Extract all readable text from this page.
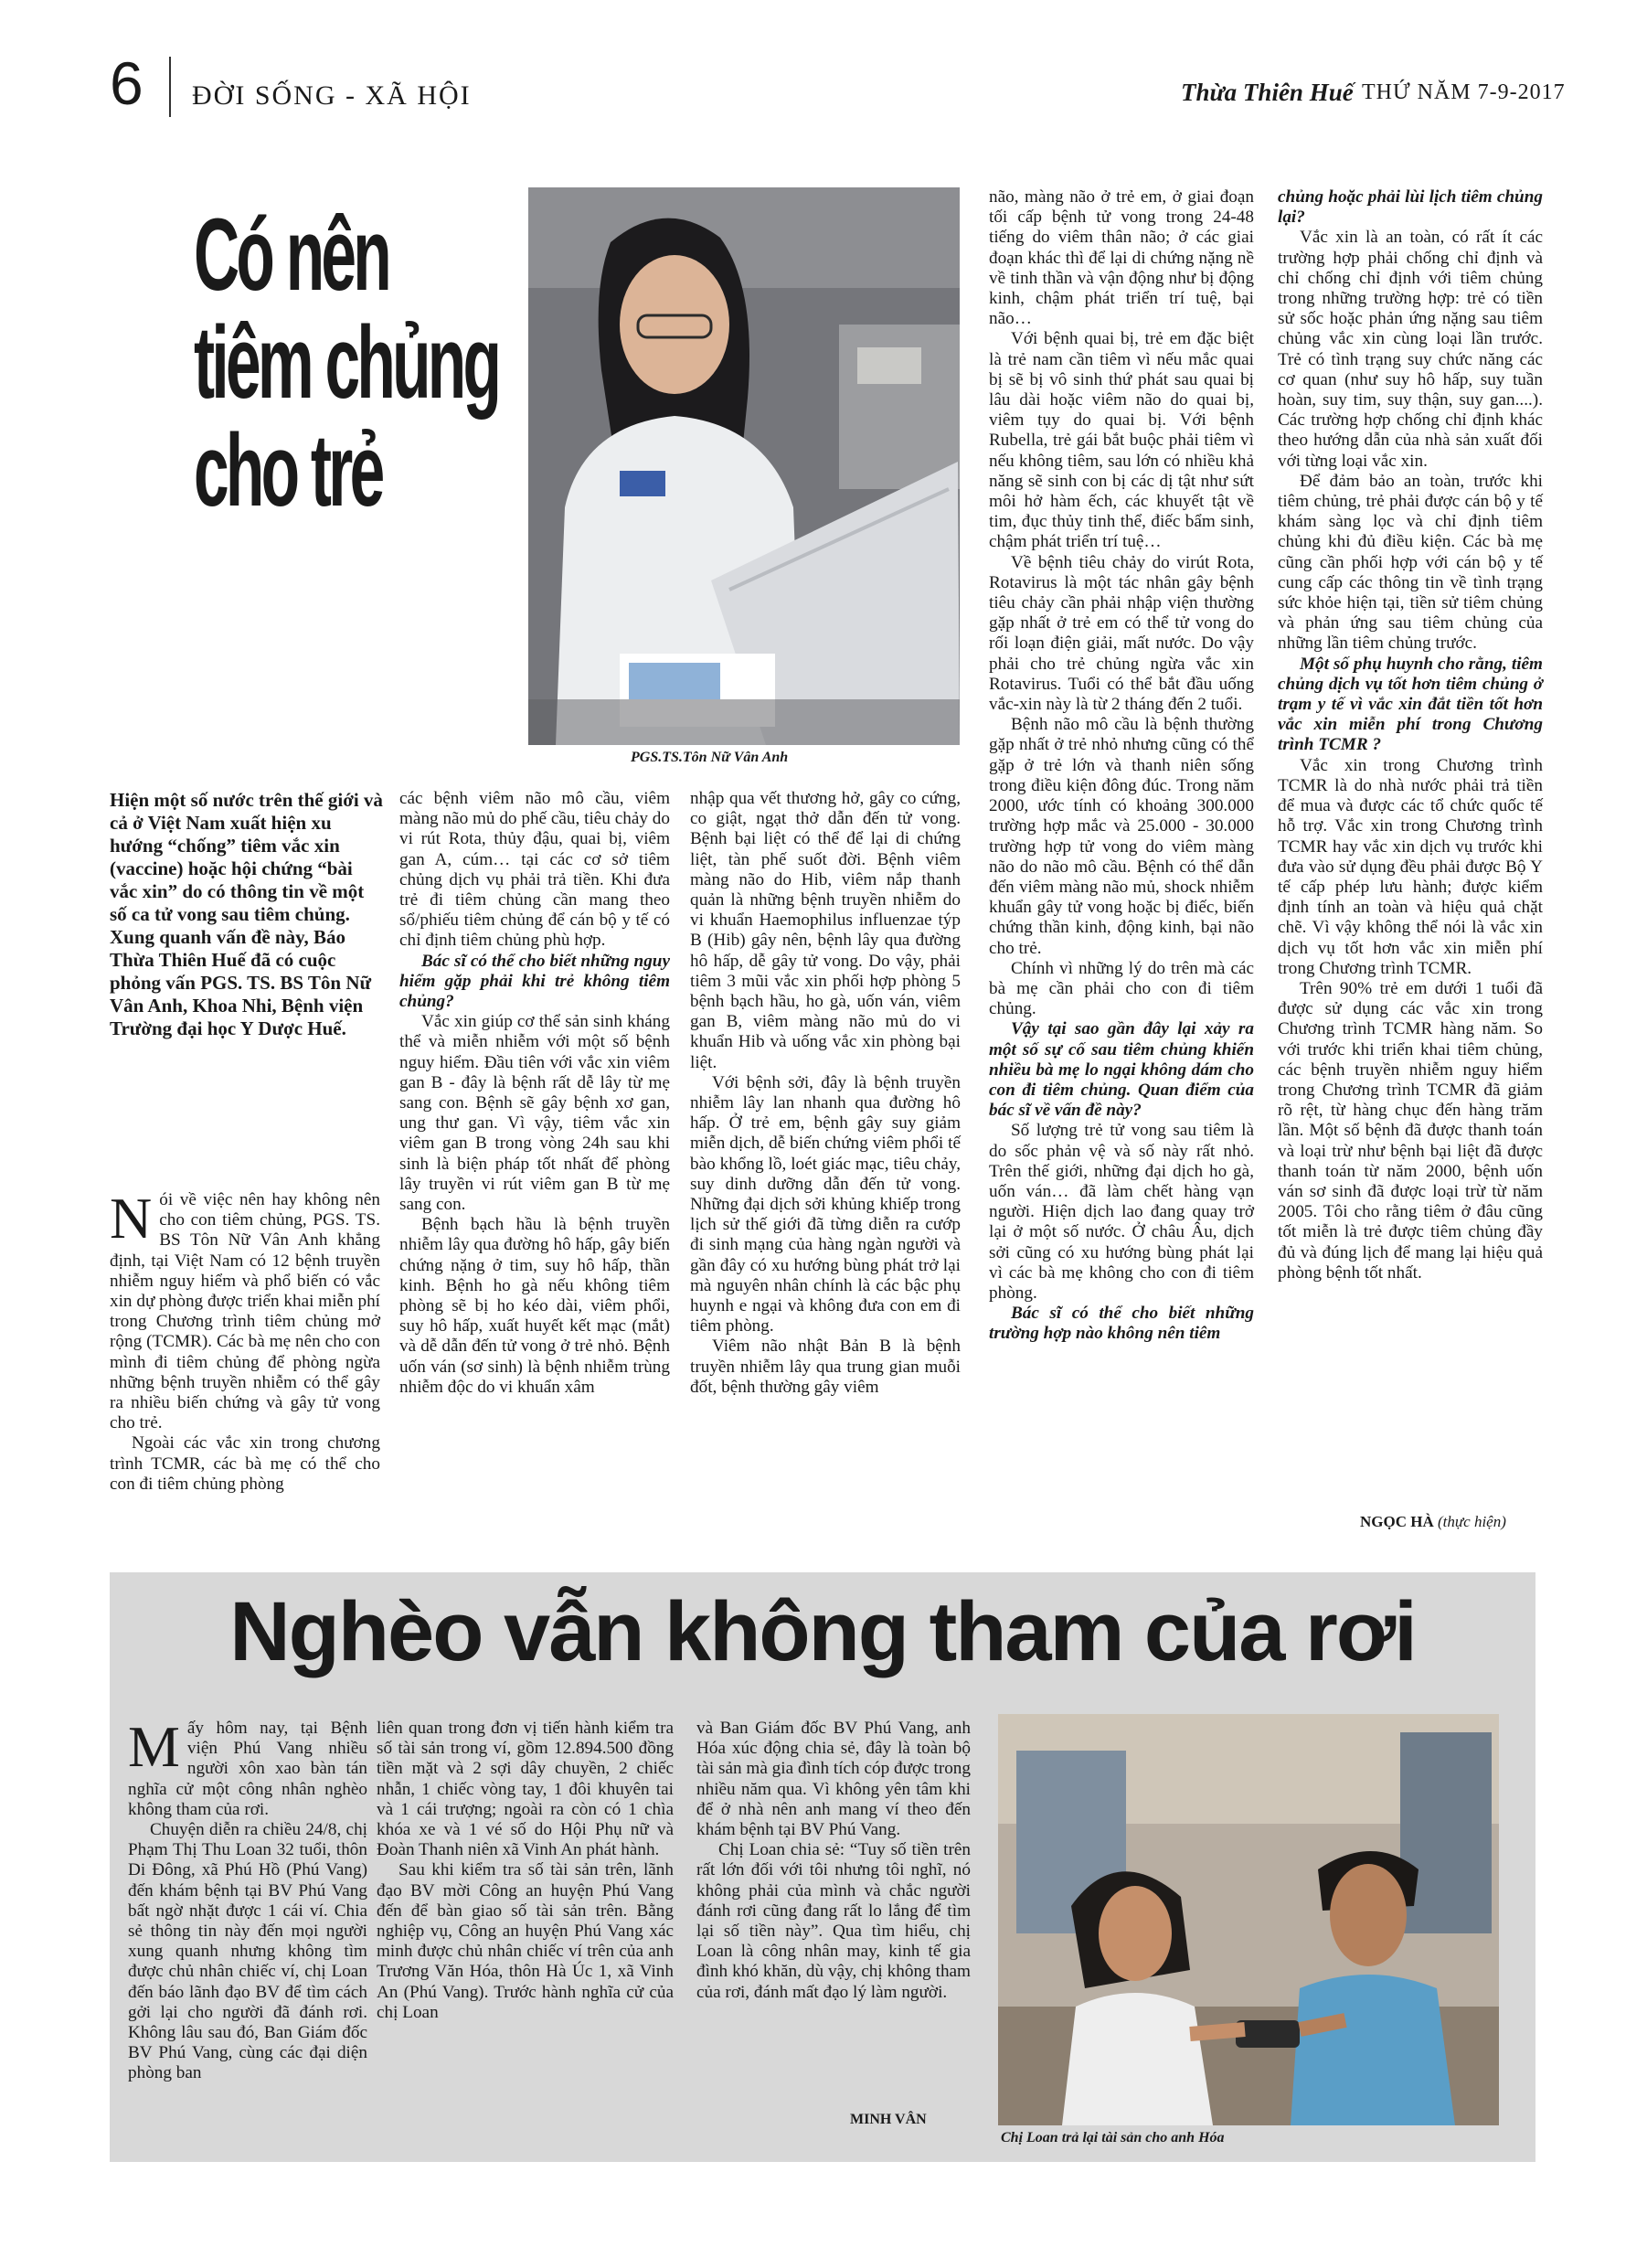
6 ĐỜI SỐNG - XÃ HỘI	Thừa Thiên Huế THỨ NĂM 7-9-2017
Có nên
tiêm chủng
cho trẻ
PGS.TS.Tôn Nữ Vân Anh
Hiện một số nước trên thế giới và cả ở Việt Nam xuất hiện xu hướng “chống” tiêm vắc xin (vaccine) hoặc hội chứng “bài vắc xin” do có thông tin về một số ca tử vong sau tiêm chủng. Xung quanh vấn đề này, Báo Thừa Thiên Huế đã có cuộc phỏng vấn PGS. TS. BS Tôn Nữ Vân Anh, Khoa Nhi, Bệnh viện Trường đại học Y Dược Huế.
N ói về việc nên hay không nên cho con tiêm chủng, PGS. TS. BS Tôn Nữ Vân Anh khẳng định, tại Việt Nam có 12 bệnh truyền nhiễm nguy hiểm và phổ biến có vắc xin dự phòng được triển khai miễn phí trong Chương trình tiêm chủng mở rộng (TCMR). Các bà mẹ nên cho con mình đi tiêm chủng để phòng ngừa những bệnh truyền nhiễm có thể gây ra nhiều biến chứng và gây tử vong cho trẻ.

Ngoài các vắc xin trong chương trình TCMR, các bà mẹ có thể cho con đi tiêm chủng phòng

các bệnh viêm não mô cầu, viêm màng não mủ do phế cầu, tiêu chảy do vi rút Rota, thủy đậu, quai bị, viêm gan A, cúm… tại các cơ sở tiêm chủng dịch vụ phải trả tiền. Khi đưa trẻ đi tiêm chủng cần mang theo sổ/phiếu tiêm chủng để cán bộ y tế có chỉ định tiêm chủng phù hợp.

Bác sĩ có thể cho biết những nguy hiểm gặp phải khi trẻ không tiêm chủng?

Vắc xin giúp cơ thể sản sinh kháng thể và miễn nhiễm với một số bệnh nguy hiểm. Đầu tiên với vắc xin viêm gan B - đây là bệnh rất dễ lây từ mẹ sang con. Bệnh sẽ gây bệnh xơ gan, ung thư gan. Vì vậy, tiêm vắc xin viêm gan B trong vòng 24h sau khi sinh là biện pháp tốt nhất để phòng lây truyền vi rút viêm gan B từ mẹ sang con.

Bệnh bạch hầu là bệnh truyền nhiễm lây qua đường hô hấp, gây biến chứng nặng ở tim, suy hô hấp, thần kinh. Bệnh ho gà nếu không tiêm phòng sẽ bị ho kéo dài, viêm phổi, suy hô hấp, xuất huyết kết mạc (mắt) và dễ dẫn đến tử vong ở trẻ nhỏ. Bệnh uốn ván (sơ sinh) là bệnh nhiễm trùng nhiễm độc do vi khuẩn xâm

nhập qua vết thương hở, gây co cứng, co giật, ngạt thở dẫn đến tử vong. Bệnh bại liệt có thể để lại di chứng liệt, tàn phế suốt đời. Bệnh viêm màng não do Hib, viêm nắp thanh quản là những bệnh truyền nhiễm do vi khuẩn Haemophilus influenzae týp B (Hib) gây nên, bệnh lây qua đường hô hấp, dễ gây tử vong. Do vậy, phải tiêm 3 mũi vắc xin phối hợp phòng 5 bệnh bạch hầu, ho gà, uốn ván, viêm gan B, viêm màng não mủ do vi khuẩn Hib và uống vắc xin phòng bại liệt.

Với bệnh sởi, đây là bệnh truyền nhiễm lây lan nhanh qua đường hô hấp. Ở trẻ em, bệnh gây suy giảm miễn dịch, dễ biến chứng viêm phổi tế bào khổng lồ, loét giác mạc, tiêu chảy, suy dinh dưỡng dẫn đến tử vong. Những đại dịch sởi khủng khiếp trong lịch sử thế giới đã từng diễn ra cướp đi sinh mạng của hàng ngàn người và gần đây có xu hướng bùng phát trở lại mà nguyên nhân chính là các bậc phụ huynh e ngại và không đưa con em đi tiêm phòng.

Viêm não nhật Bản B là bệnh truyền nhiễm lây qua trung gian muỗi đốt, bệnh thường gây viêm

não, màng não ở trẻ em, ở giai đoạn tối cấp bệnh tử vong trong 24-48 tiếng do viêm thân não; ở các giai đoạn khác thì để lại di chứng nặng nề về tinh thần và vận động như bị động kinh, chậm phát triển trí tuệ, bại não…

Với bệnh quai bị, trẻ em đặc biệt là trẻ nam cần tiêm vì nếu mắc quai bị sẽ bị vô sinh thứ phát sau quai bị lâu dài hoặc viêm não do quai bị, viêm tụy do quai bị. Với bệnh Rubella, trẻ gái bắt buộc phải tiêm vì nếu không tiêm, sau lớn có nhiều khả năng sẽ sinh con bị các dị tật như sứt môi hở hàm ếch, các khuyết tật về tim, đục thủy tinh thể, điếc bẩm sinh, chậm phát triển trí tuệ…

Về bệnh tiêu chảy do virút Rota, Rotavirus là một tác nhân gây bệnh tiêu chảy cần phải nhập viện thường gặp nhất ở trẻ em có thể tử vong do rối loạn điện giải, mất nước. Do vậy phải cho trẻ chủng ngừa vắc xin Rotavirus. Tuổi có thể bắt đầu uống vắc-xin này là từ 2 tháng đến 2 tuổi.

Bệnh não mô cầu là bệnh thường gặp nhất ở trẻ nhỏ nhưng cũng có thể gặp ở trẻ lớn và thanh niên sống trong điều kiện đông đúc. Trong năm 2000, ước tính có khoảng 300.000 trường hợp mắc và 25.000 - 30.000 trường hợp tử vong do viêm màng não do não mô cầu. Bệnh có thể dẫn đến viêm màng não mủ, shock nhiễm khuẩn gây tử vong hoặc bị điếc, biến chứng thần kinh, động kinh, bại não cho trẻ.

Chính vì những lý do trên mà các bà mẹ cần phải cho con đi tiêm chủng.

Vậy tại sao gần đây lại xảy ra một số sự cố sau tiêm chủng khiến nhiều bà mẹ lo ngại không dám cho con đi tiêm chủng. Quan điểm của bác sĩ về vấn đề này?

Số lượng trẻ tử vong sau tiêm là do sốc phản vệ và số này rất nhỏ. Trên thế giới, những đại dịch ho gà, uốn ván… đã làm chết hàng vạn người. Hiện dịch lao đang quay trở lại ở một số nước. Ở châu Âu, dịch sởi cũng có xu hướng bùng phát lại vì các bà mẹ không cho con đi tiêm phòng.

Bác sĩ có thể cho biết những trường hợp nào không nên tiêm

chủng hoặc phải lùi lịch tiêm chủng lại?

Vắc xin là an toàn, có rất ít các trường hợp phải chống chỉ định và chỉ chống chỉ định với tiêm chủng trong những trường hợp: trẻ có tiền sử sốc hoặc phản ứng nặng sau tiêm chủng vắc xin cùng loại lần trước. Trẻ có tình trạng suy chức năng các cơ quan (như suy hô hấp, suy tuần hoàn, suy tim, suy thận, suy gan....). Các trường hợp chống chỉ định khác theo hướng dẫn của nhà sản xuất đối với từng loại vắc xin.

Để đảm bảo an toàn, trước khi tiêm chủng, trẻ phải được cán bộ y tế khám sàng lọc và chỉ định tiêm chủng khi đủ điều kiện. Các bà mẹ cũng cần phối hợp với cán bộ y tế cung cấp các thông tin về tình trạng sức khỏe hiện tại, tiền sử tiêm chủng và phản ứng sau tiêm chủng của những lần tiêm chủng trước.

Một số phụ huynh cho rằng, tiêm chủng dịch vụ tốt hơn tiêm chủng ở trạm y tế vì vắc xin đắt tiền tốt hơn vắc xin miễn phí trong Chương trình TCMR ?

Vắc xin trong Chương trình TCMR là do nhà nước phải trả tiền để mua và được các tổ chức quốc tế hỗ trợ. Vắc xin trong Chương trình TCMR hay vắc xin dịch vụ trước khi đưa vào sử dụng đều phải được Bộ Y tế cấp phép lưu hành; được kiểm định tính an toàn và hiệu quả chặt chẽ. Vì vậy không thể nói là vắc xin dịch vụ tốt hơn vắc xin miễn phí trong Chương trình TCMR.

Trên 90% trẻ em dưới 1 tuổi đã được sử dụng các vắc xin trong Chương trình TCMR hàng năm. So với trước khi triển khai tiêm chủng, các bệnh truyền nhiễm nguy hiểm trong Chương trình TCMR đã giảm rõ rệt, từ hàng chục đến hàng trăm lần. Một số bệnh đã được thanh toán và loại trừ như bệnh bại liệt đã được thanh toán từ năm 2000, bệnh uốn ván sơ sinh đã được loại trừ từ năm 2005. Tôi cho rằng tiêm ở đâu cũng tốt miễn là trẻ được tiêm chủng đầy đủ và đúng lịch để mang lại hiệu quả phòng bệnh tốt nhất.

NGỌC HÀ (thực hiện)
Nghèo vẫn không tham của rơi
M ấy hôm nay, tại Bệnh viện Phú Vang nhiều người xôn xao bàn tán nghĩa cử một công nhân nghèo không tham của rơi.

Chuyện diễn ra chiều 24/8, chị Phạm Thị Thu Loan 32 tuổi, thôn Di Đông, xã Phú Hồ (Phú Vang) đến khám bệnh tại BV Phú Vang bất ngờ nhặt được 1 cái ví. Chia sẻ thông tin này đến mọi người xung quanh nhưng không tìm được chủ nhân chiếc ví, chị Loan đến báo lãnh đạo BV để tìm cách gởi lại cho người đã đánh rơi. Không lâu sau đó, Ban Giám đốc BV Phú Vang, cùng các đại diện phòng ban

liên quan trong đơn vị tiến hành kiểm tra số tài sản trong ví, gồm 12.894.500 đồng tiền mặt và 2 sợi dây chuyền, 2 chiếc nhẫn, 1 chiếc vòng tay, 1 đôi khuyên tai và 1 cái trượng; ngoài ra còn có 1 chìa khóa xe và 1 vé số do Hội Phụ nữ và Đoàn Thanh niên xã Vinh An phát hành.

Sau khi kiểm tra số tài sản trên, lãnh đạo BV mời Công an huyện Phú Vang đến để bàn giao số tài sản trên. Bằng nghiệp vụ, Công an huyện Phú Vang xác minh được chủ nhân chiếc ví trên của anh Trương Văn Hóa, thôn Hà Úc 1, xã Vinh An (Phú Vang). Trước hành nghĩa cử của chị Loan

và Ban Giám đốc BV Phú Vang, anh Hóa xúc động chia sẻ, đây là toàn bộ tài sản mà gia đình tích cóp được trong nhiều năm qua. Vì không yên tâm khi để ở nhà nên anh mang ví theo đến khám bệnh tại BV Phú Vang.

Chị Loan chia sẻ: “Tuy số tiền trên rất lớn đối với tôi nhưng tôi nghĩ, nó không phải của mình và chắc người đánh rơi cũng đang rất lo lắng để tìm lại số tiền này”. Qua tìm hiểu, chị Loan là công nhân may, kinh tế gia đình khó khăn, dù vậy, chị không tham của rơi, đánh mất đạo lý làm người.

MINH VÂN
Chị Loan trả lại tài sản cho anh Hóa
